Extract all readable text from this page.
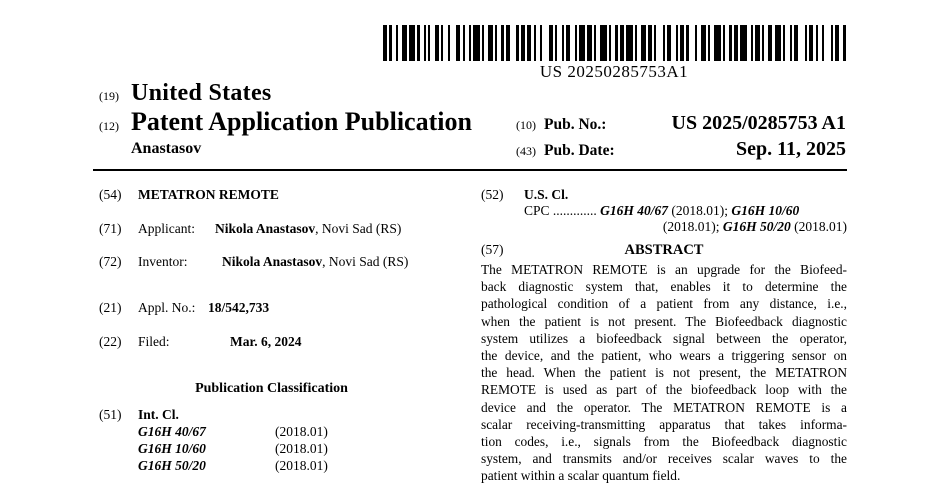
US 20250285753A1
(19) United States
(12) Patent Application Publication
Anastasov
(10) Pub. No.:	US 2025/0285753 A1
(43) Pub. Date:	Sep. 11, 2025
(54)	METATRON REMOTE
(71)	Applicant: Nikola Anastasov, Novi Sad (RS)
(72)	Inventor:	Nikola Anastasov, Novi Sad (RS)
(21)	Appl. No.: 18/542,733
(22)	Filed:	Mar. 6, 2024
Publication Classification
(51)	Int. Cl.
G16H 40/67	(2018.01)
G16H 10/60	(2018.01)
G16H 50/20	(2018.01)
(52)	U.S. Cl.
CPC ............. G16H 40/67 (2018.01); G16H 10/60
(2018.01); G16H 50/20 (2018.01)
(57)	ABSTRACT
The METATRON REMOTE is an upgrade for the Biofeed-
back diagnostic system that, enables it to determine the
pathological condition of a patient from any distance, i.e.,
when the patient is not present. The Biofeedback diagnostic
system utilizes a biofeedback signal between the operator,
the device, and the patient, who wears a triggering sensor on
the head. When the patient is not present, the METATRON
REMOTE is used as part of the biofeedback loop with the
device and the operator. The METATRON REMOTE is a
scalar receiving-transmitting apparatus that takes informa-
tion codes, i.e., signals from the Biofeedback diagnostic
system, and transmits and/or receives scalar waves to the
patient within a scalar quantum field.
